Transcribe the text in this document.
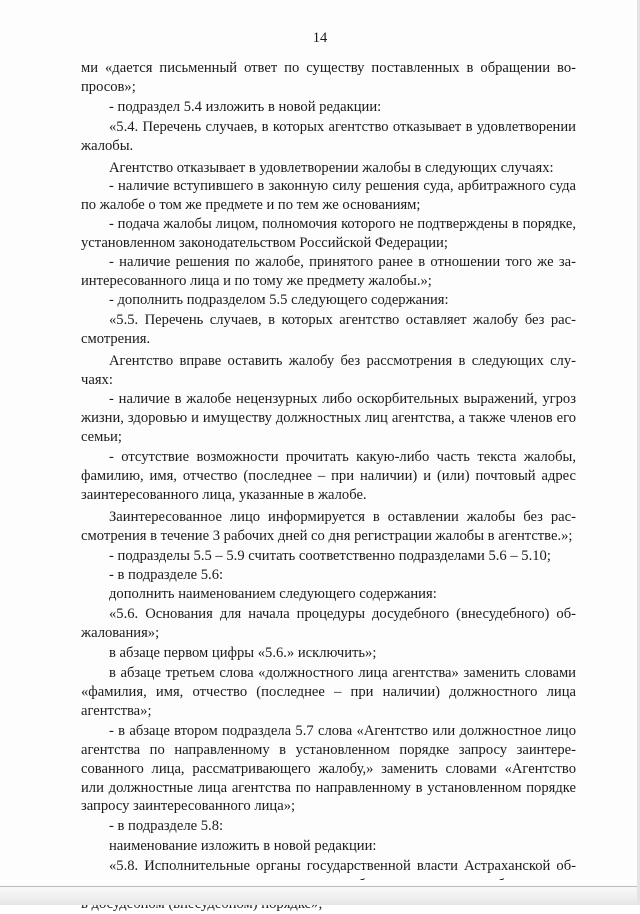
14

ми «дается письменный ответ по существу поставленных в обращении вопросов»;

- подраздел 5.4 изложить в новой редакции:

«5.4. Перечень случаев, в которых агентство отказывает в удовлетворении жалобы.

Агентство отказывает в удовлетворении жалобы в следующих случаях:

- наличие вступившего в законную силу решения суда, арбитражного суда по жалобе о том же предмете и по тем же основаниям;

- подача жалобы лицом, полномочия которого не подтверждены в порядке, установленном законодательством Российской Федерации;

- наличие решения по жалобе, принятого ранее в отношении того же заинтересованного лица и по тому же предмету жалобы.»;

- дополнить подразделом 5.5 следующего содержания:

«5.5. Перечень случаев, в которых агентство оставляет жалобу без рассмотрения.

Агентство вправе оставить жалобу без рассмотрения в следующих случаях:

- наличие в жалобе нецензурных либо оскорбительных выражений, угроз жизни, здоровью и имуществу должностных лиц агентства, а также членов его семьи;

- отсутствие возможности прочитать какую-либо часть текста жалобы, фамилию, имя, отчество (последнее – при наличии) и (или) почтовый адрес заинтересованного лица, указанные в жалобе.

Заинтересованное лицо информируется в оставлении жалобы без рассмотрения в течение 3 рабочих дней со дня регистрации жалобы в агентстве.»;

- подразделы 5.5 – 5.9 считать соответственно подразделами 5.6 – 5.10;

- в подразделе 5.6:

дополнить наименованием следующего содержания:

«5.6. Основания для начала процедуры досудебного (внесудебного) обжалования»;

в абзаце первом цифры «5.6.» исключить»;

в абзаце третьем слова «должностного лица агентства» заменить словами «фамилия, имя, отчество (последнее – при наличии) должностного лица агентства»;

- в абзаце втором подраздела 5.7 слова «Агентство или должностное лицо агентства по направленному в установленном порядке запросу заинтересованного лица, рассматривающего жалобу,» заменить словами «Агентство или должностные лица агентства по направленному в установленном порядке запросу заинтересованного лица»;

- в подразделе 5.8:

наименование изложить в новой редакции:

«5.8. Исполнительные органы государственной власти Астраханской об
